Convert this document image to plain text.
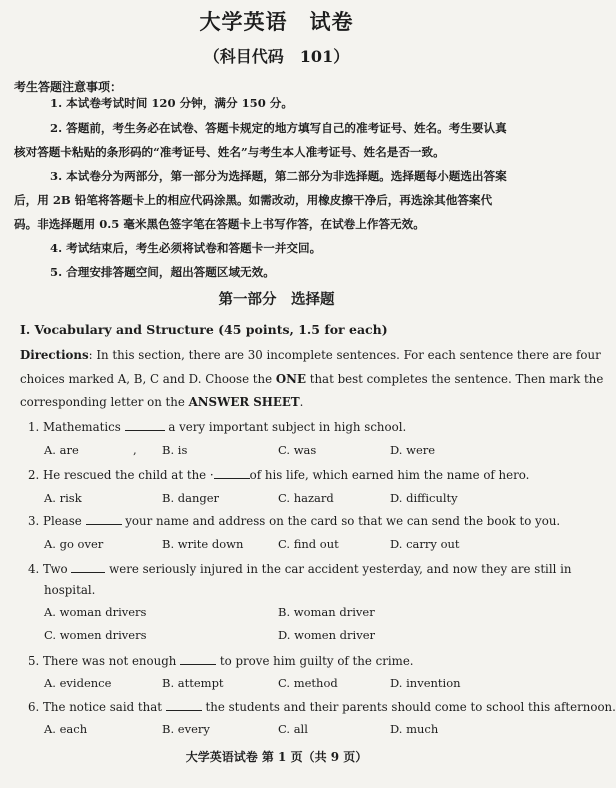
大学英语　试卷
（科目代码　101）
考生答题注意事项：
1. 本试卷考试时间 120 分钟，满分 150 分。
2. 答题前，考生务必在试卷、答题卡规定的地方填写自己的准考证号、姓名。考生要认真
核对答题卡粘贴的条形码的“准考证号、姓名”与考生本人准考证号、姓名是否一致。
3. 本试卷分为两部分，第一部分为选择题，第二部分为非选择题。选择题每小题选出答案
后，用 2B 铅笔将答题卡上的相应代码涂黑。如需改动，用橡皮擦干净后，再选涂其他答案代
码。非选择题用 0.5 毫米黑色签字笔在答题卡上书写作答，在试卷上作答无效。
4. 考试结束后，考生必须将试卷和答题卡一并交回。
5. 合理安排答题空间，超出答题区域无效。
第一部分　选择题
I. Vocabulary and Structure (45 points, 1.5 for each)
Directions: In this section, there are 30 incomplete sentences. For each sentence there are four
choices marked A, B, C and D. Choose the ONE that best completes the sentence. Then mark the
corresponding letter on the ANSWER SHEET.
1. Mathematics	a very important subject in high school.
A. are	, B. is	C. was	D. were
2. He rescued the child at the ·	of his life, which earned him the name of hero.
A. risk	B. danger	C. hazard	D. difficulty
3. Please	your name and address on the card so that we can send the book to you.
A. go over	B. write down	C. find out	D. carry out
4. Two	were seriously injured in the car accident yesterday, and now they are still in
hospital.
A. woman drivers	B. woman driver
C. women drivers	D. women driver
5. There was not enough	to prove him guilty of the crime.
A. evidence	B. attempt	C. method	D. invention
6. The notice said that	the students and their parents should come to school this afternoon.
A. each	B. every	C. all	D. much
大学英语试卷 第 1 页（共 9 页）
